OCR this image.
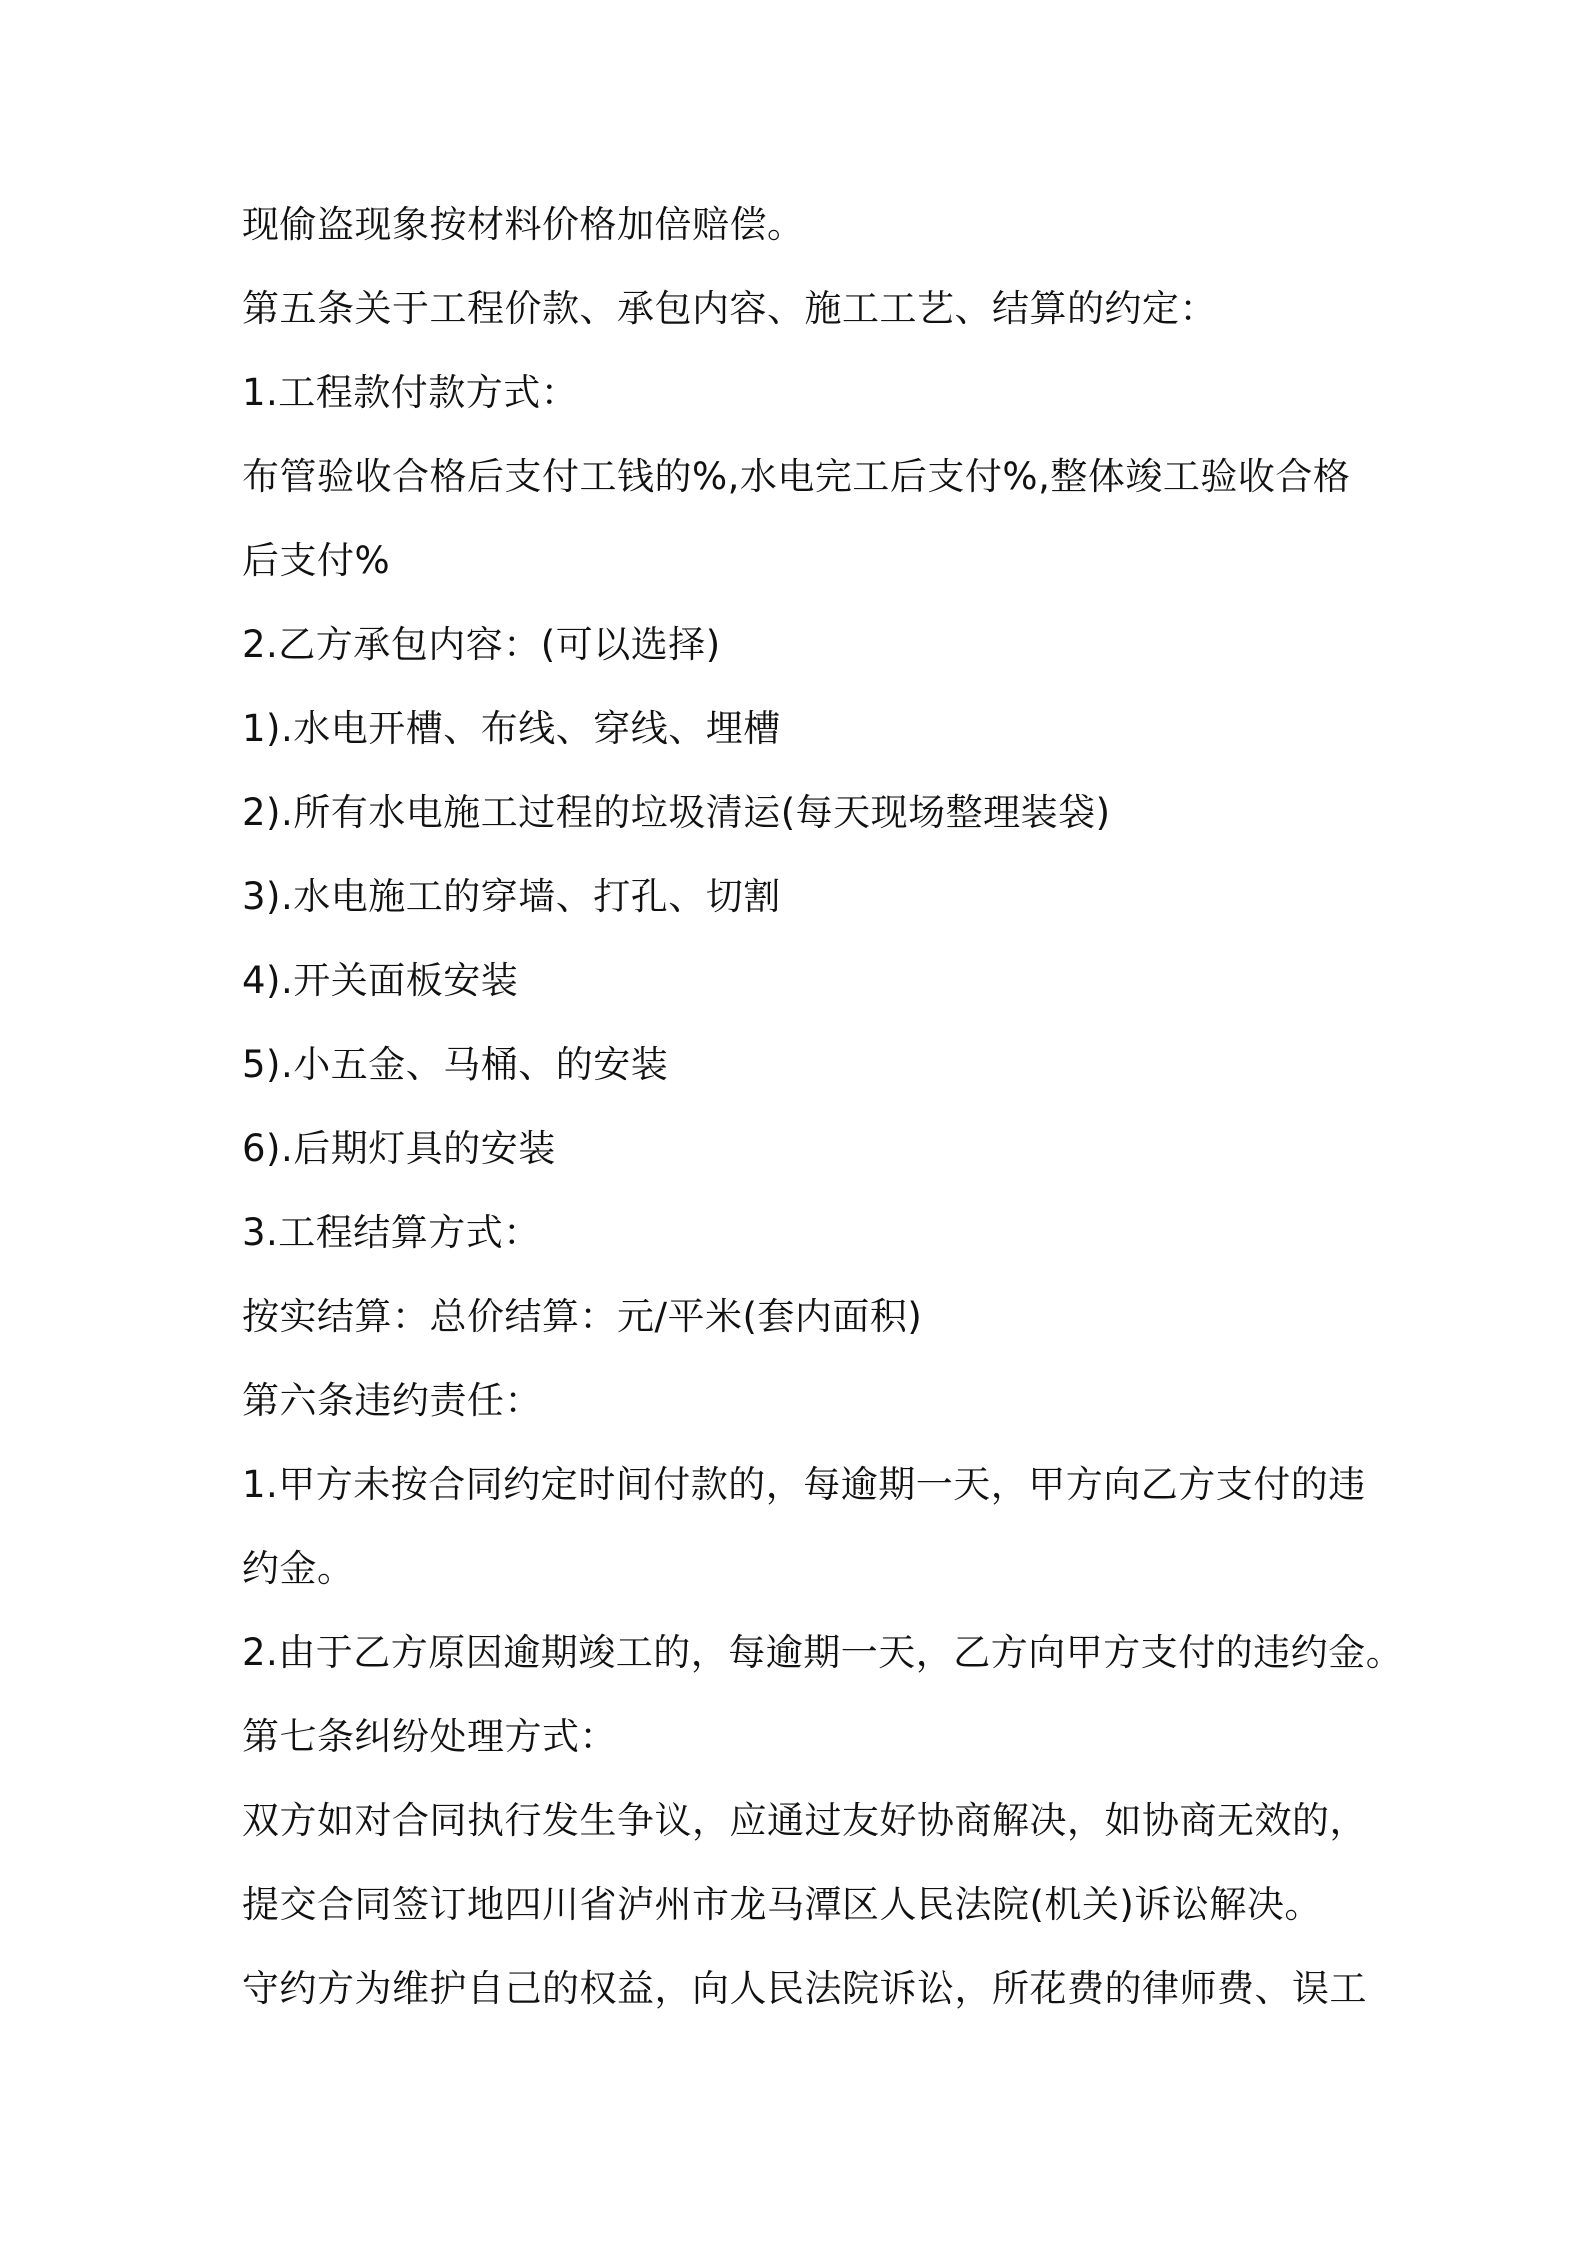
现偷盗现象按材料价格加倍赔偿。

第五条关于工程价款、承包内容、施工工艺、结算的约定：

1.工程款付款方式：

布管验收合格后支付工钱的%,水电完工后支付%,整体竣工验收合格

后支付%

2.乙方承包内容：(可以选择)

1).水电开槽、布线、穿线、埋槽

2).所有水电施工过程的垃圾清运(每天现场整理装袋)

3).水电施工的穿墙、打孔、切割

4).开关面板安装

5).小五金、马桶、的安装

6).后期灯具的安装

3.工程结算方式：

按实结算：总价结算：元/平米(套内面积)

第六条违约责任：

1.甲方未按合同约定时间付款的，每逾期一天，甲方向乙方支付的违

约金。

2.由于乙方原因逾期竣工的，每逾期一天，乙方向甲方支付的违约金。

第七条纠纷处理方式：

双方如对合同执行发生争议，应通过友好协商解决，如协商无效的，

提交合同签订地四川省泸州市龙马潭区人民法院(机关)诉讼解决。

守约方为维护自己的权益，向人民法院诉讼，所花费的律师费、误工
